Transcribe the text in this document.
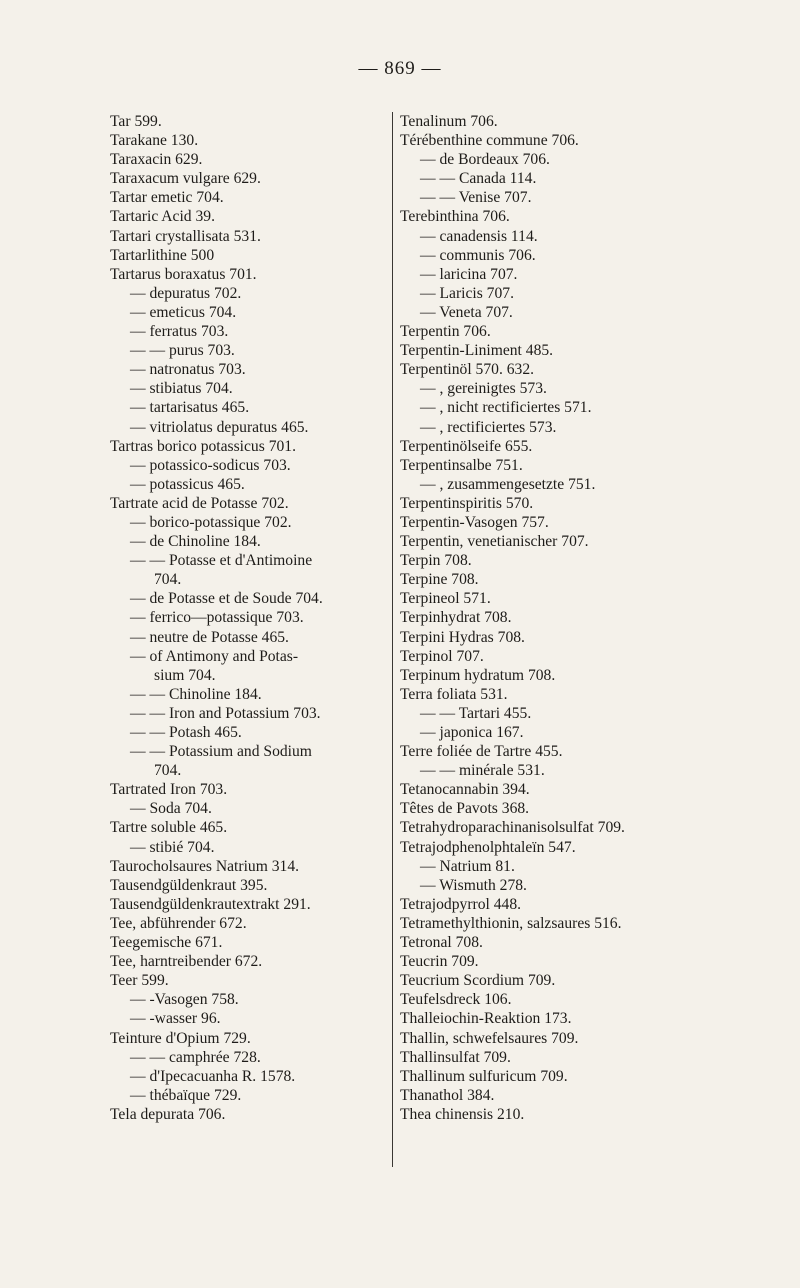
— 869 —
Tar 599.
Tarakane 130.
Taraxacin 629.
Taraxacum vulgare 629.
Tartar emetic 704.
Tartaric Acid 39.
Tartari crystallisata 531.
Tartarlithine 500
Tartarus boraxatus 701.
— depuratus 702.
— emeticus 704.
— ferratus 703.
— — purus 703.
— natronatus 703.
— stibiatus 704.
— tartarisatus 465.
— vitriolatus depuratus 465.
Tartras borico potassicus 701.
— potassico-sodicus 703.
— potassicus 465.
Tartrate acid de Potasse 702.
— borico-potassique 702.
— de Chinoline 184.
— — Potasse et d'Antimoine
704.
— de Potasse et de Soude 704.
— ferrico—potassique 703.
— neutre de Potasse 465.
— of Antimony and Potas-
sium 704.
— — Chinoline 184.
— — Iron and Potassium 703.
— — Potash 465.
— — Potassium and Sodium
704.
Tartrated Iron 703.
— Soda 704.
Tartre soluble 465.
— stibié 704.
Taurocholsaures Natrium 314.
Tausendgüldenkraut 395.
Tausendgüldenkrautextrakt 291.
Tee, abführender 672.
Teegemische 671.
Tee, harntreibender 672.
Teer 599.
— -Vasogen 758.
— -wasser 96.
Teinture d'Opium 729.
— — camphrée 728.
— d'Ipecacuanha R. 1578.
— thébaïque 729.
Tela depurata 706.
Tenalinum 706.
Térébenthine commune 706.
— de Bordeaux 706.
— — Canada 114.
— — Venise 707.
Terebinthina 706.
— canadensis 114.
— communis 706.
— laricina 707.
— Laricis 707.
— Veneta 707.
Terpentin 706.
Terpentin-Liniment 485.
Terpentinöl 570. 632.
— , gereinigtes 573.
— , nicht rectificiertes 571.
— , rectificiertes 573.
Terpentinölseife 655.
Terpentinsalbe 751.
— , zusammengesetzte 751.
Terpentinspiritis 570.
Terpentin-Vasogen 757.
Terpentin, venetianischer 707.
Terpin 708.
Terpine 708.
Terpineol 571.
Terpinhydrat 708.
Terpini Hydras 708.
Terpinol 707.
Terpinum hydratum 708.
Terra foliata 531.
— — Tartari 455.
— japonica 167.
Terre foliée de Tartre 455.
— — minérale 531.
Tetanocannabin 394.
Têtes de Pavots 368.
Tetrahydroparachinanisolsulfat 709.
Tetrajodphenolphtaleïn 547.
— Natrium 81.
— Wismuth 278.
Tetrajodpyrrol 448.
Tetramethylthionin, salzsaures 516.
Tetronal 708.
Teucrin 709.
Teucrium Scordium 709.
Teufelsdreck 106.
Thalleiochin-Reaktion 173.
Thallin, schwefelsaures 709.
Thallinsulfat 709.
Thallinum sulfuricum 709.
Thanathol 384.
Thea chinensis 210.
